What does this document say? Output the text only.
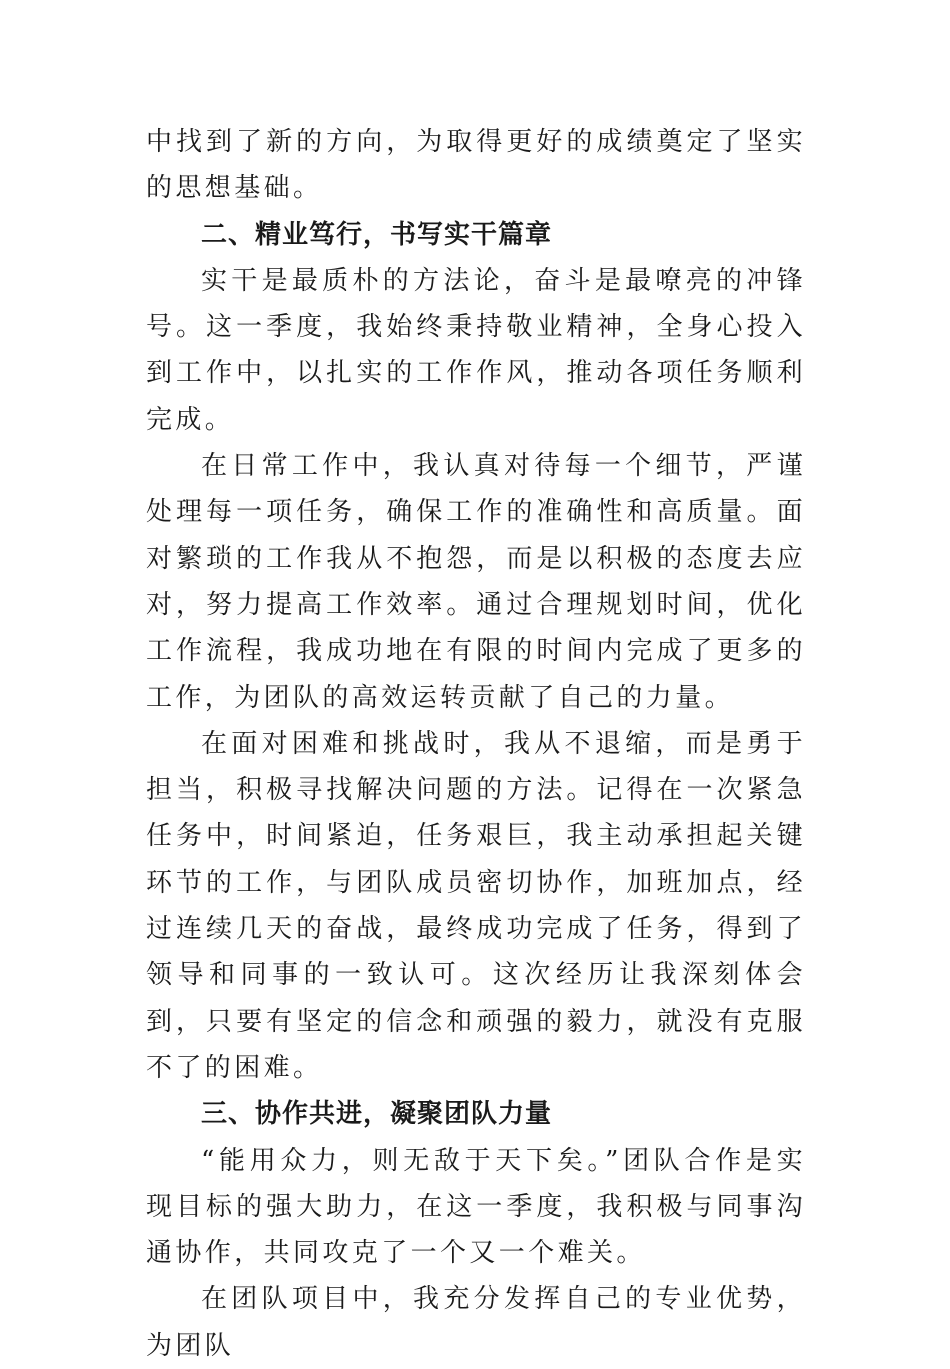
中找到了新的方向，为取得更好的成绩奠定了坚实的思想基础。

二、精业笃行，书写实干篇章

实干是最质朴的方法论，奋斗是最嘹亮的冲锋号。这一季度，我始终秉持敬业精神，全身心投入到工作中，以扎实的工作作风，推动各项任务顺利完成。

在日常工作中，我认真对待每一个细节，严谨处理每一项任务，确保工作的准确性和高质量。面对繁琐的工作我从不抱怨，而是以积极的态度去应对，努力提高工作效率。通过合理规划时间，优化工作流程，我成功地在有限的时间内完成了更多的工作，为团队的高效运转贡献了自己的力量。

在面对困难和挑战时，我从不退缩，而是勇于担当，积极寻找解决问题的方法。记得在一次紧急任务中，时间紧迫，任务艰巨，我主动承担起关键环节的工作，与团队成员密切协作，加班加点，经过连续几天的奋战，最终成功完成了任务，得到了领导和同事的一致认可。这次经历让我深刻体会到，只要有坚定的信念和顽强的毅力，就没有克服不了的困难。

三、协作共进，凝聚团队力量

“能用众力，则无敌于天下矣。”团队合作是实现目标的强大助力，在这一季度，我积极与同事沟通协作，共同攻克了一个又一个难关。

在团队项目中，我充分发挥自己的专业优势，为团队
